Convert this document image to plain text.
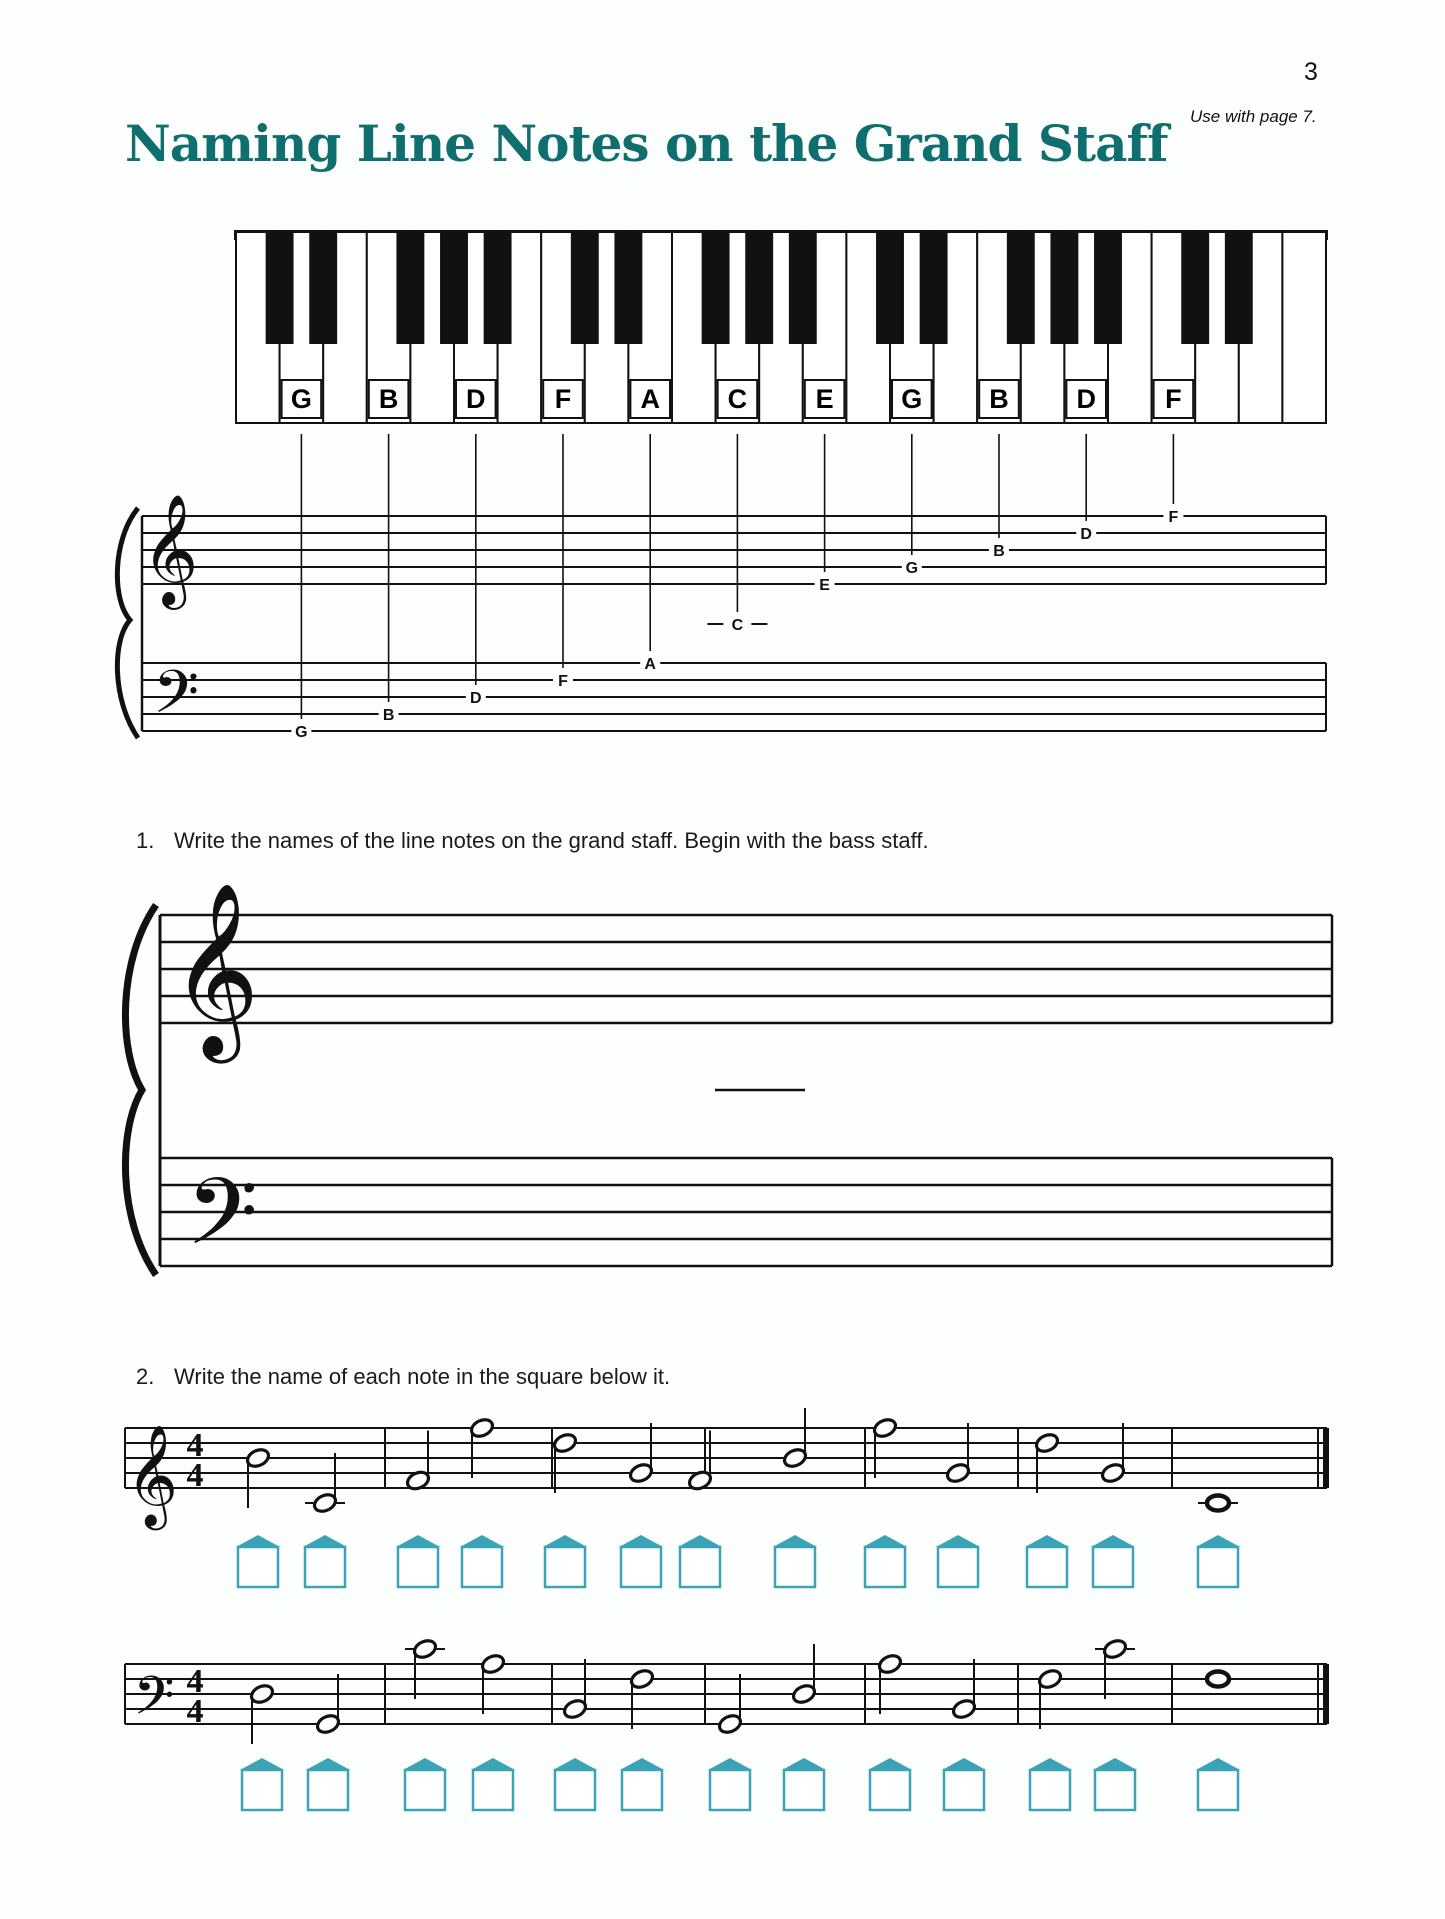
3
Use with page 7.
Naming Line Notes on the Grand Staff
1. Write the names of the line notes on the grand staff. Begin with the bass staff.
2. Write the name of each note in the square below it.
M
I
D
D
L
E
G B	D	F	A	C	E	G B	D	F
𝄞
𝄢	G
B
D
F
A
C
E
G
B
D
F
𝄞
𝄢
𝄞 4
4
𝄢 4
4
